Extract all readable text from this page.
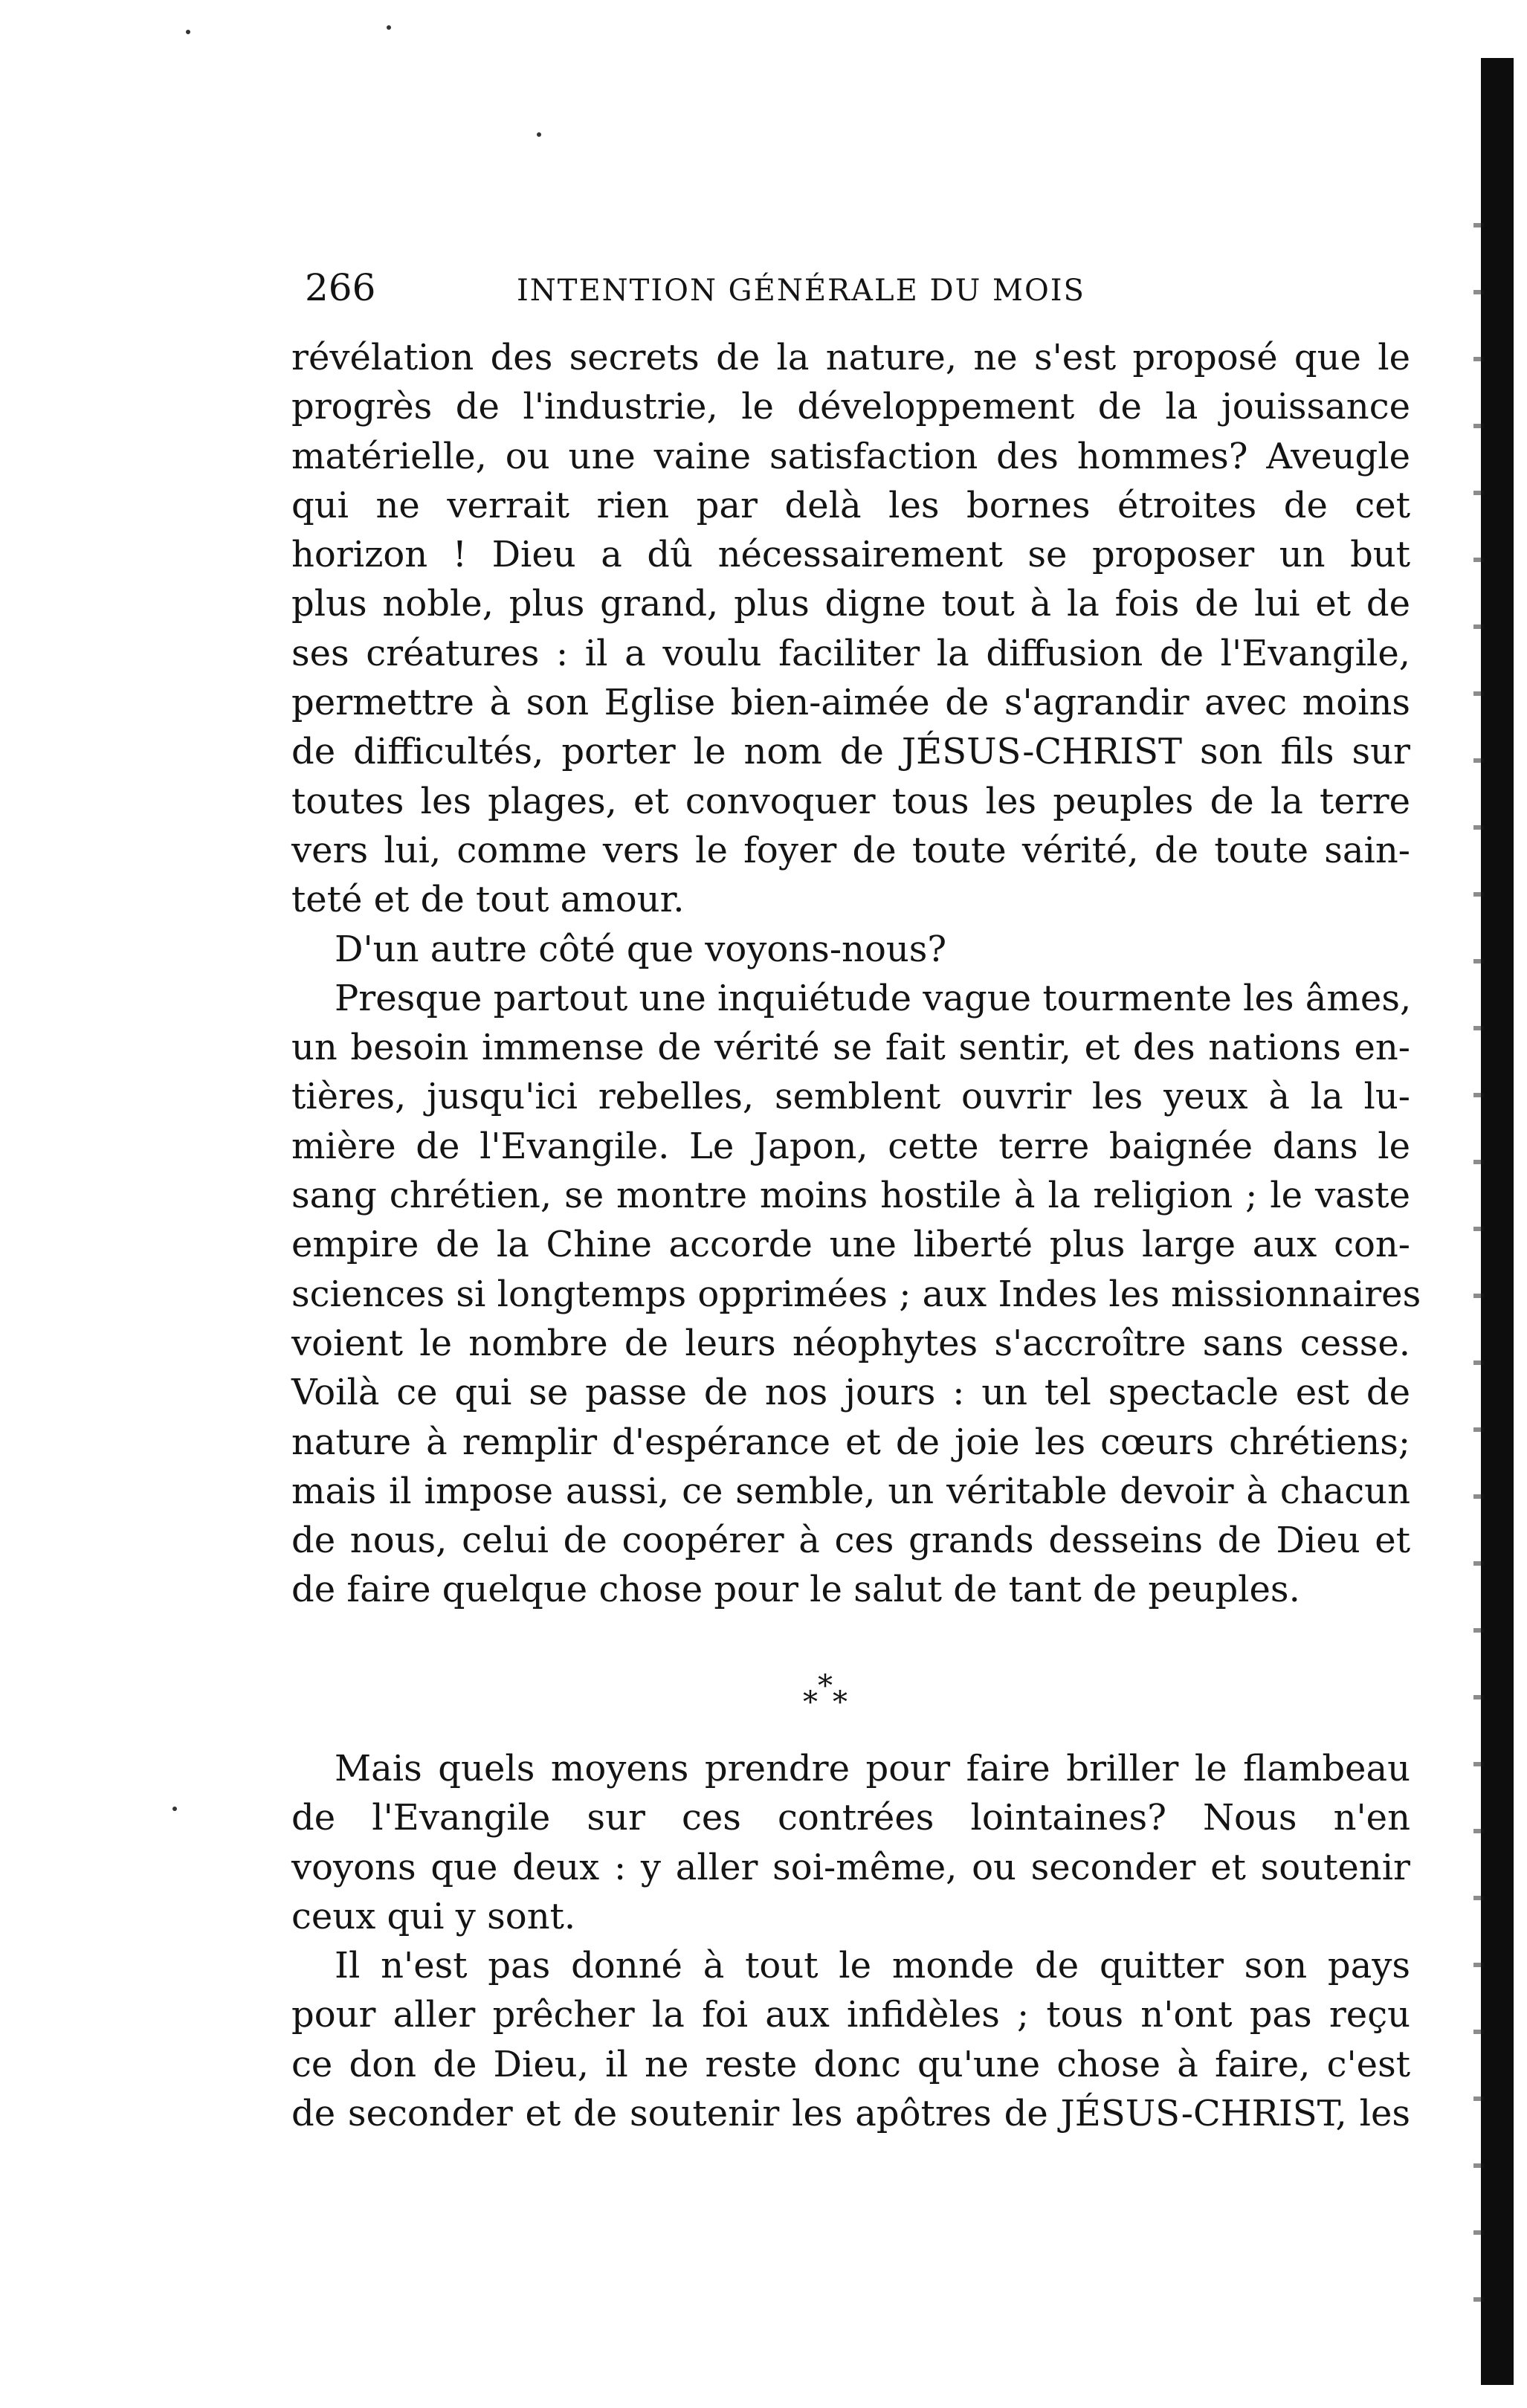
266	INTENTION GÉNÉRALE DU MOIS
révélation des secrets de la nature, ne s'est proposé que le
progrès de l'industrie, le développement de la jouissance
matérielle, ou une vaine satisfaction des hommes? Aveugle
qui ne verrait rien par delà les bornes étroites de cet
horizon ! Dieu a dû nécessairement se proposer un but
plus noble, plus grand, plus digne tout à la fois de lui et de
ses créatures : il a voulu faciliter la diffusion de l'Evangile,
permettre à son Eglise bien-aimée de s'agrandir avec moins
de difficultés, porter le nom de JÉSUS-CHRIST son fils sur
toutes les plages, et convoquer tous les peuples de la terre
vers lui, comme vers le foyer de toute vérité, de toute sain-
teté et de tout amour.
D'un autre côté que voyons-nous?
Presque partout une inquiétude vague tourmente les âmes,
un besoin immense de vérité se fait sentir, et des nations en-
tières, jusqu'ici rebelles, semblent ouvrir les yeux à la lu-
mière de l'Evangile. Le Japon, cette terre baignée dans le
sang chrétien, se montre moins hostile à la religion ; le vaste
empire de la Chine accorde une liberté plus large aux con-
sciences si longtemps opprimées ; aux Indes les missionnaires
voient le nombre de leurs néophytes s'accroître sans cesse.
Voilà ce qui se passe de nos jours : un tel spectacle est de
nature à remplir d'espérance et de joie les cœurs chrétiens;
mais il impose aussi, ce semble, un véritable devoir à chacun
de nous, celui de coopérer à ces grands desseins de Dieu et
de faire quelque chose pour le salut de tant de peuples.
*
* *
Mais quels moyens prendre pour faire briller le flambeau
de l'Evangile sur ces contrées lointaines? Nous n'en
voyons que deux : y aller soi-même, ou seconder et soutenir
ceux qui y sont.
Il n'est pas donné à tout le monde de quitter son pays
pour aller prêcher la foi aux infidèles ; tous n'ont pas reçu
ce don de Dieu, il ne reste donc qu'une chose à faire, c'est
de seconder et de soutenir les apôtres de JÉSUS-CHRIST, les
